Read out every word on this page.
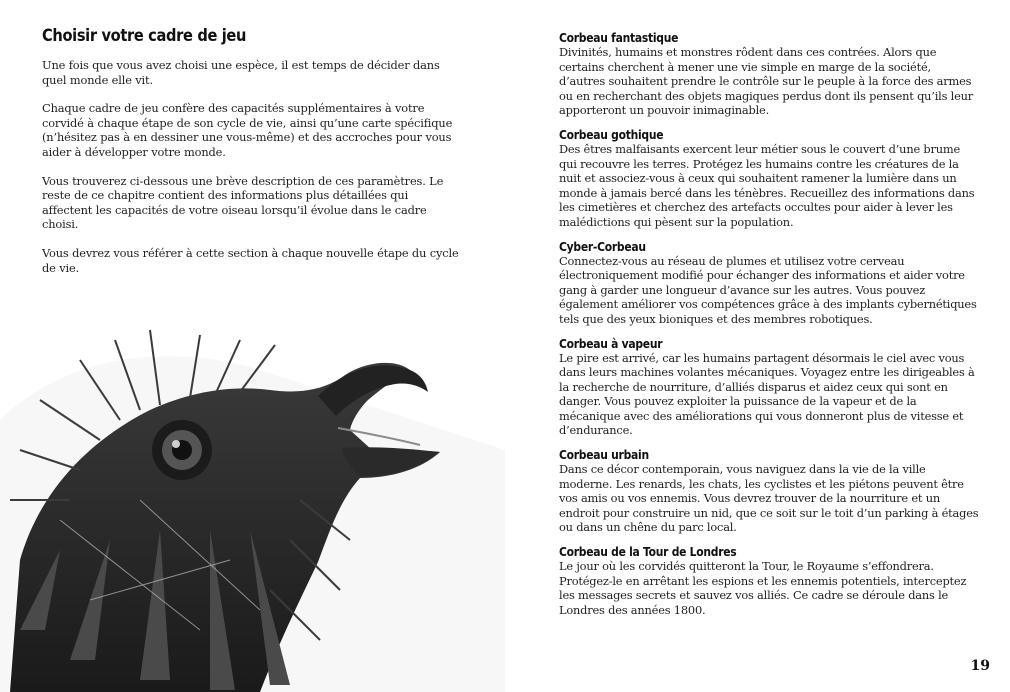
Choisir votre cadre de jeu

Une fois que vous avez choisi une espèce, il est temps de décider dans quel monde elle vit.

Chaque cadre de jeu confère des capacités supplémentaires à votre corvidé à chaque étape de son cycle de vie, ainsi qu’une carte spécifique (n’hésitez pas à en dessiner une vous-même) et des accroches pour vous aider à développer votre monde.

Vous trouverez ci-dessous une brève description de ces paramètres. Le reste de ce chapitre contient des informations plus détaillées qui affectent les capacités de votre oiseau lorsqu’il évolue dans le cadre choisi.

Vous devrez vous référer à cette section à chaque nouvelle étape du cycle de vie.

Corbeau fantastique

Divinités, humains et monstres rôdent dans ces contrées. Alors que certains cherchent à mener une vie simple en marge de la société, d’autres souhaitent prendre le contrôle sur le peuple à la force des armes ou en recherchant des objets magiques perdus dont ils pensent qu’ils leur apporteront un pouvoir inimaginable.

Corbeau gothique

Des êtres malfaisants exercent leur métier sous le couvert d’une brume qui recouvre les terres. Protégez les humains contre les créatures de la nuit et associez-vous à ceux qui souhaitent ramener la lumière dans un monde à jamais bercé dans les ténèbres. Recueillez des informations dans les cimetières et cherchez des artefacts occultes pour aider à lever les malédictions qui pèsent sur la population.

Cyber-Corbeau

Connectez-vous au réseau de plumes et utilisez votre cerveau électroniquement modifié pour échanger des informations et aider votre gang à garder une longueur d’avance sur les autres. Vous pouvez également améliorer vos compétences grâce à des implants cybernétiques tels que des yeux bioniques et des membres robotiques.

Corbeau à vapeur

Le pire est arrivé, car les humains partagent désormais le ciel avec vous dans leurs machines volantes mécaniques. Voyagez entre les dirigeables à la recherche de nourriture, d’alliés disparus et aidez ceux qui sont en danger. Vous pouvez exploiter la puissance de la vapeur et de la mécanique avec des améliorations qui vous donneront plus de vitesse et d’endurance.

Corbeau urbain

Dans ce décor contemporain, vous naviguez dans la vie de la ville moderne. Les renards, les chats, les cyclistes et les piétons peuvent être vos amis ou vos ennemis. Vous devrez trouver de la nourriture et un endroit pour construire un nid, que ce soit sur le toit d’un parking à étages ou dans un chêne du parc local.

Corbeau de la Tour de Londres

Le jour où les corvidés quitteront la Tour, le Royaume s’effondrera. Protégez-le en arrêtant les espions et les ennemis potentiels, interceptez les messages secrets et sauvez vos alliés. Ce cadre se déroule dans le Londres des années 1800.

19
